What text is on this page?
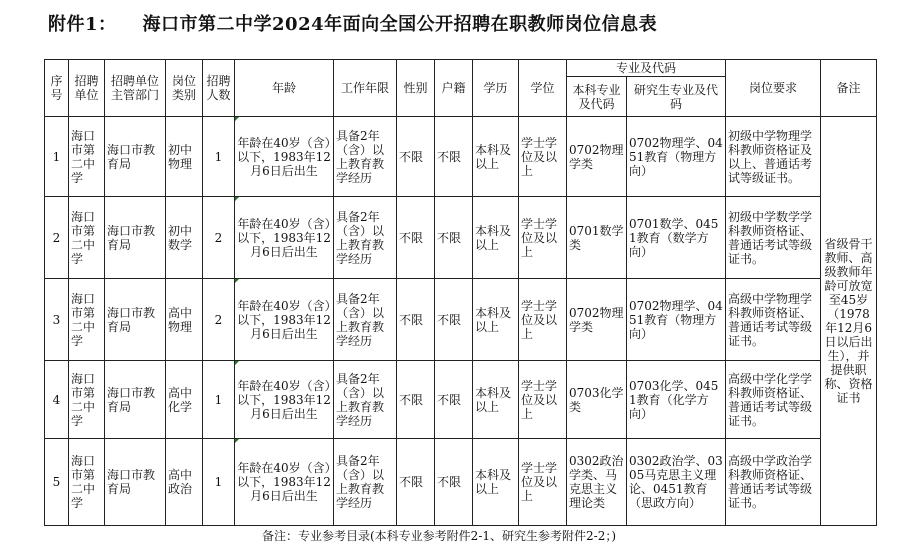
附件1： 海口市第二中学2024年面向全国公开招聘在职教师岗位信息表
序号	招聘单位	招聘单位主管部门	岗位类别	招聘人数	年龄	工作年限	性别	户籍	学历	学位	专业及代码		岗位要求	备注
											本科专业及代码	研究生专业及代码		
1	海口市第二中学	海口市教育局	初中物理	1	年龄在40岁（含）以下，1983年12月6日后出生	具备2年（含）以上教育教学经历	不限	不限	本科及以上	学士学位及以上	0702物理学类	0702物理学、0451教育（物理方向）	初级中学物理学科教师资格证及以上、普通话考试等级证书。	省级骨干教师、高级教师年龄可放宽至45岁（1978年12月6日以后出生），并提供职称、资格证书
2	海口市第二中学	海口市教育局	初中数学	2	年龄在40岁（含）以下，1983年12月6日后出生	具备2年（含）以上教育教学经历	不限	不限	本科及以上	学士学位及以上	0701数学类	0701数学、0451教育（数学方向）	初级中学数学学科教师资格证、普通话考试等级证书。	
3	海口市第二中学	海口市教育局	高中物理	2	年龄在40岁（含）以下，1983年12月6日后出生	具备2年（含）以上教育教学经历	不限	不限	本科及以上	学士学位及以上	0702物理学类	0702物理学、0451教育（物理方向）	高级中学物理学科教师资格证、普通话考试等级证书。	
4	海口市第二中学	海口市教育局	高中化学	1	年龄在40岁（含）以下，1983年12月6日后出生	具备2年（含）以上教育教学经历	不限	不限	本科及以上	学士学位及以上	0703化学类	0703化学、0451教育（化学方向）	高级中学化学学科教师资格证、普通话考试等级证书。	
5	海口市第二中学	海口市教育局	高中政治	1	年龄在40岁（含）以下，1983年12月6日后出生	具备2年（含）以上教育教学经历	不限	不限	本科及以上	学士学位及以上	0302政治学类、马克思主义理论类	0302政治学、0305马克思主义理论、0451教育（思政方向）	高级中学政治学科教师资格证、普通话考试等级证书。	
备注：专业参考目录(本科专业参考附件2-1、研究生参考附件2-2；)
